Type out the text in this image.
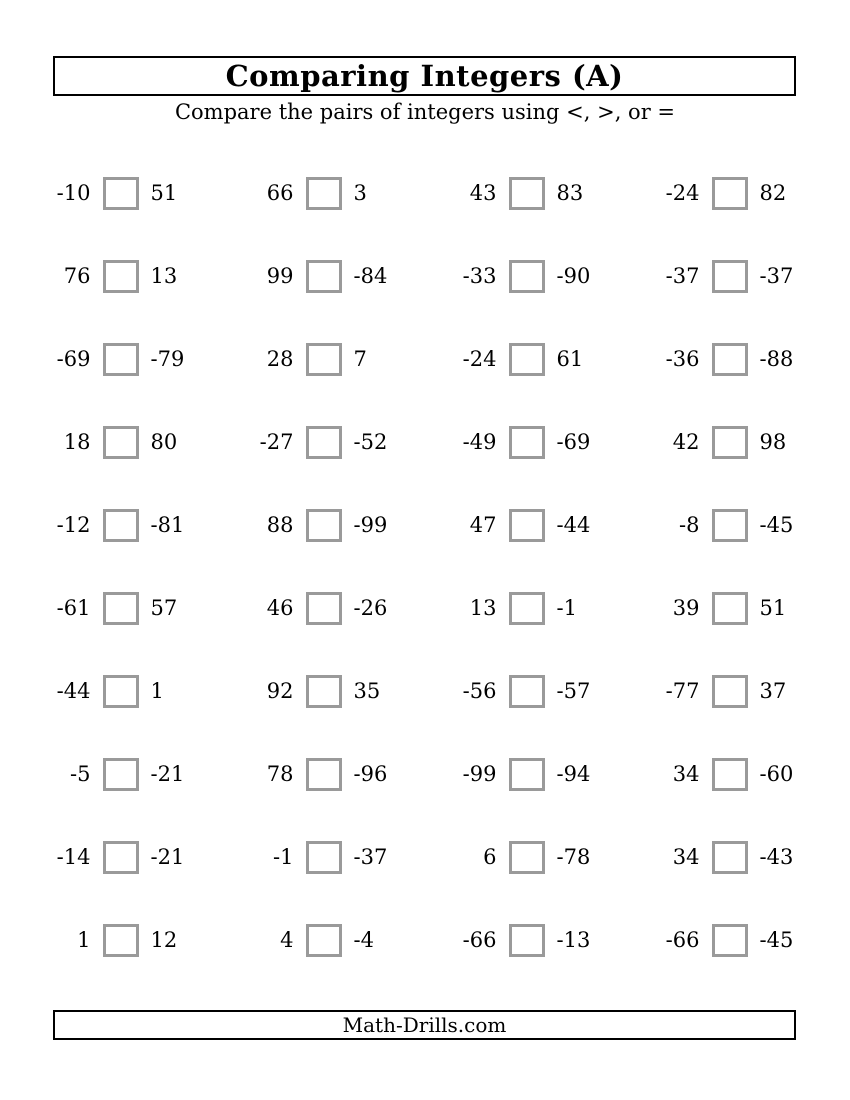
Comparing Integers (A)
Compare the pairs of integers using <, >, or =
-10	51	66	3	43	83	-24	82
76	13	99	-84	-33	-90	-37	-37
-69	-79	28	7	-24	61	-36	-88
18	80	-27	-52	-49	-69	42	98
-12	-81	88	-99	47	-44	-8	-45
-61	57	46	-26	13	-1	39	51
-44	1	92	35	-56	-57	-77	37
-5	-21	78	-96	-99	-94	34	-60
-14	-21	-1	-37	6	-78	34	-43
1	12	4	-4	-66	-13	-66	-45
Math-Drills.com
